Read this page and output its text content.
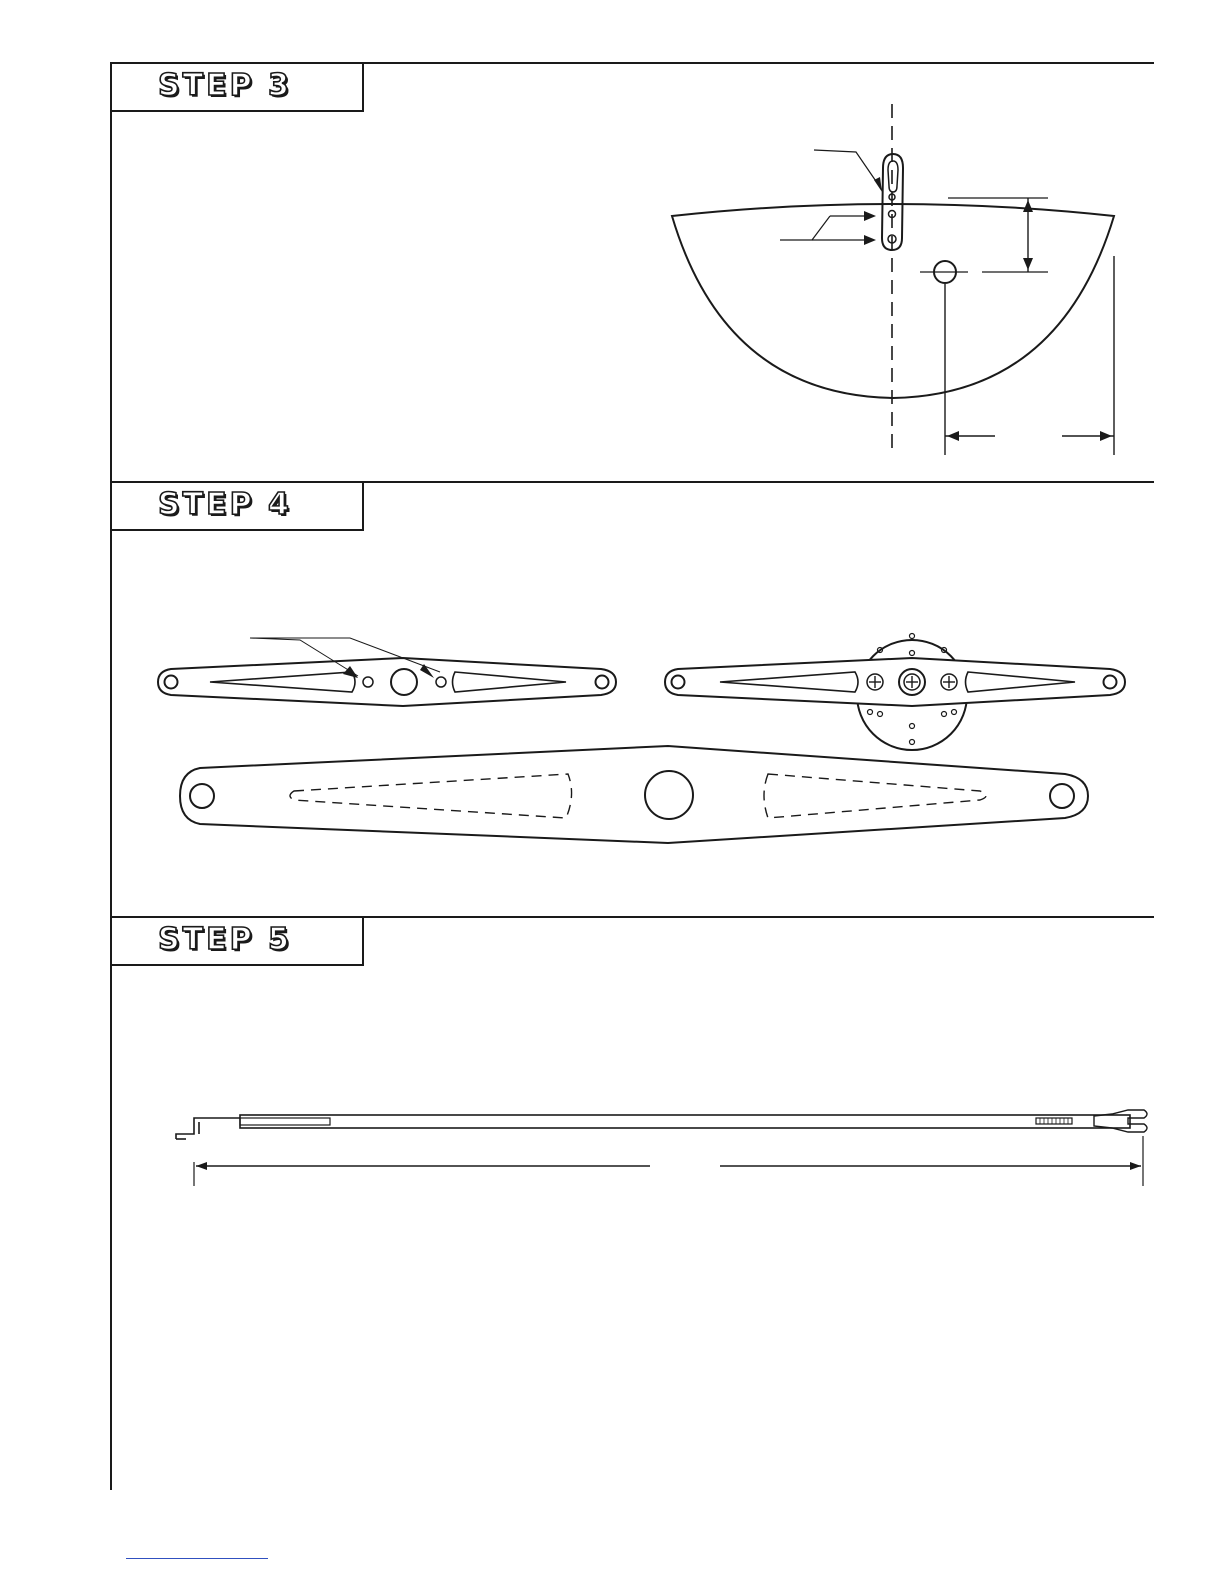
STEP 3
STEP 4
STEP 5
